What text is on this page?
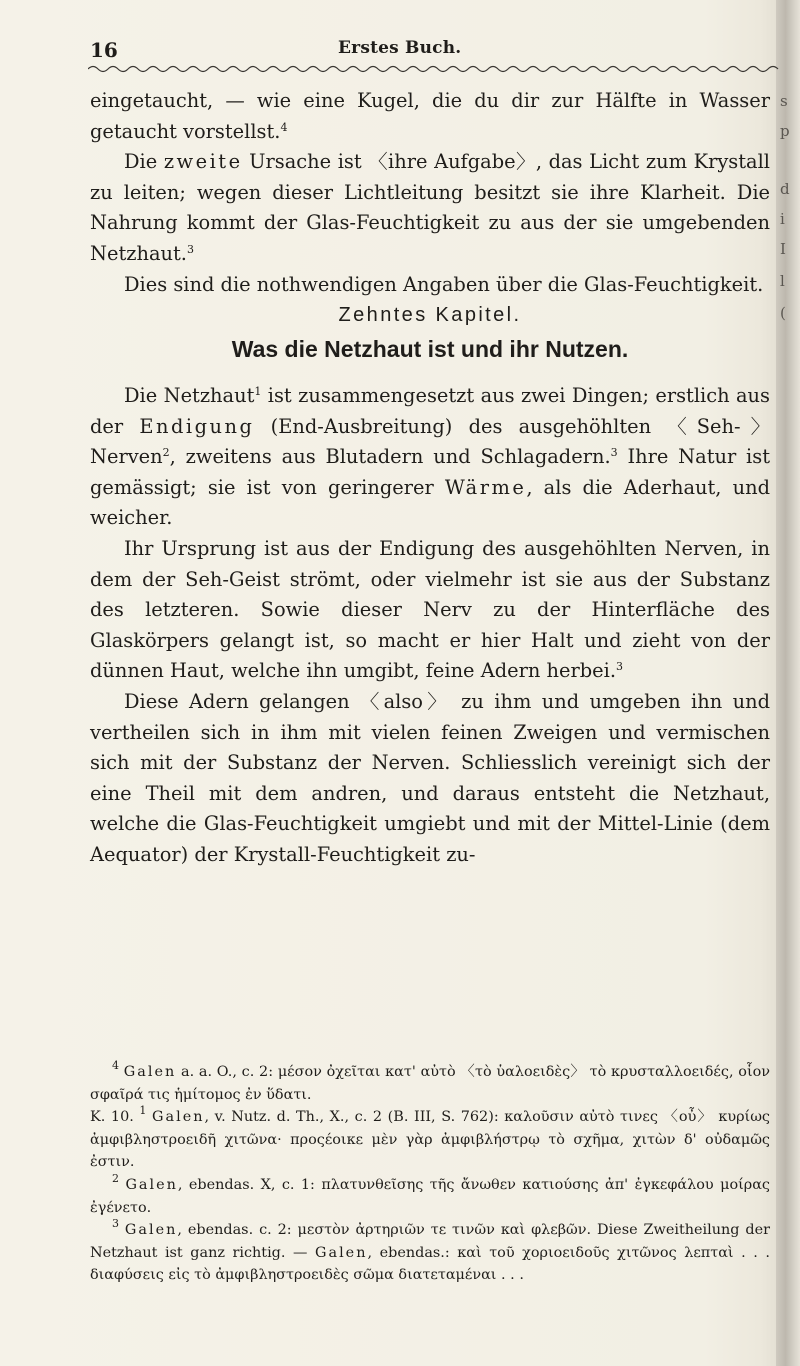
s
p
d
i
I
l
(
16	Erstes Buch.

eingetaucht, — wie eine Kugel, die du dir zur Hälfte in Wasser getaucht vorstellst.$^4$

Die zweite Ursache ist 〈ihre Aufgabe〉, das Licht zum Krystall zu leiten; wegen dieser Lichtleitung besitzt sie ihre Klarheit. Die Nahrung kommt der Glas-Feuchtigkeit zu aus der sie umgebenden Netzhaut.$^3$

Dies sind die nothwendigen Angaben über die Glas-Feuchtigkeit.

Zehntes Kapitel.
Was die Netzhaut ist und ihr Nutzen.

Die Netzhaut$^1$ ist zusammengesetzt aus zwei Dingen; erstlich aus der Endigung (End-Ausbreitung) des ausgehöhlten 〈Seh-〉Nerven$^2$, zweitens aus Blutadern und Schlagadern.$^3$ Ihre Natur ist gemässigt; sie ist von geringerer Wärme, als die Aderhaut, und weicher.

Ihr Ursprung ist aus der Endigung des ausgehöhlten Nerven, in dem der Seh-Geist strömt, oder vielmehr ist sie aus der Substanz des letzteren. Sowie dieser Nerv zu der Hinterfläche des Glaskörpers gelangt ist, so macht er hier Halt und zieht von der dünnen Haut, welche ihn umgibt, feine Adern herbei.$^3$

Diese Adern gelangen 〈also〉 zu ihm und umgeben ihn und vertheilen sich in ihm mit vielen feinen Zweigen und vermischen sich mit der Substanz der Nerven. Schliesslich vereinigt sich der eine Theil mit dem andren, und daraus entsteht die Netzhaut, welche die Glas-Feuchtigkeit umgiebt und mit der Mittel-Linie (dem Aequator) der Krystall-Feuchtigkeit zu-

$^4$ Galen a. a. O., c. 2: μέσον ὀχεῖται κατ' αὐτὸ 〈τὸ ὑαλοειδὲς〉 τὸ κρυσταλλοειδές, οἷον σφαῖρά τις ἡμίτομος ἐν ὕδατι.

K. 10. $^1$ Galen, v. Nutz. d. Th., X., c. 2 (B. III, S. 762): καλοῦσιν αὐτὸ τινες 〈οὖ〉 κυρίως ἀμφιβληστροειδῆ χιτῶνα· προςέοικε μὲν γὰρ ἀμφιβλήστρῳ τὸ σχῆμα, χιτὼν δ' οὐδαμῶς ἐστιν.

$^2$ Galen, ebendas. X, c. 1: πλατυνθεῖσης τῆς ἄνωθεν κατιούσης ἀπ' ἐγκεφάλου μοίρας ἐγένετο.

$^3$ Galen, ebendas. c. 2: μεστὸν ἀρτηριῶν τε τινῶν καὶ φλεβῶν. Diese Zweitheilung der Netzhaut ist ganz richtig. — Galen, ebendas.: καὶ τοῦ χοριοειδοῦς χιτῶνος λεπταὶ . . . διαφύσεις εἰς τὸ ἀμφιβληστροειδὲς σῶμα διατεταμέναι . . .
